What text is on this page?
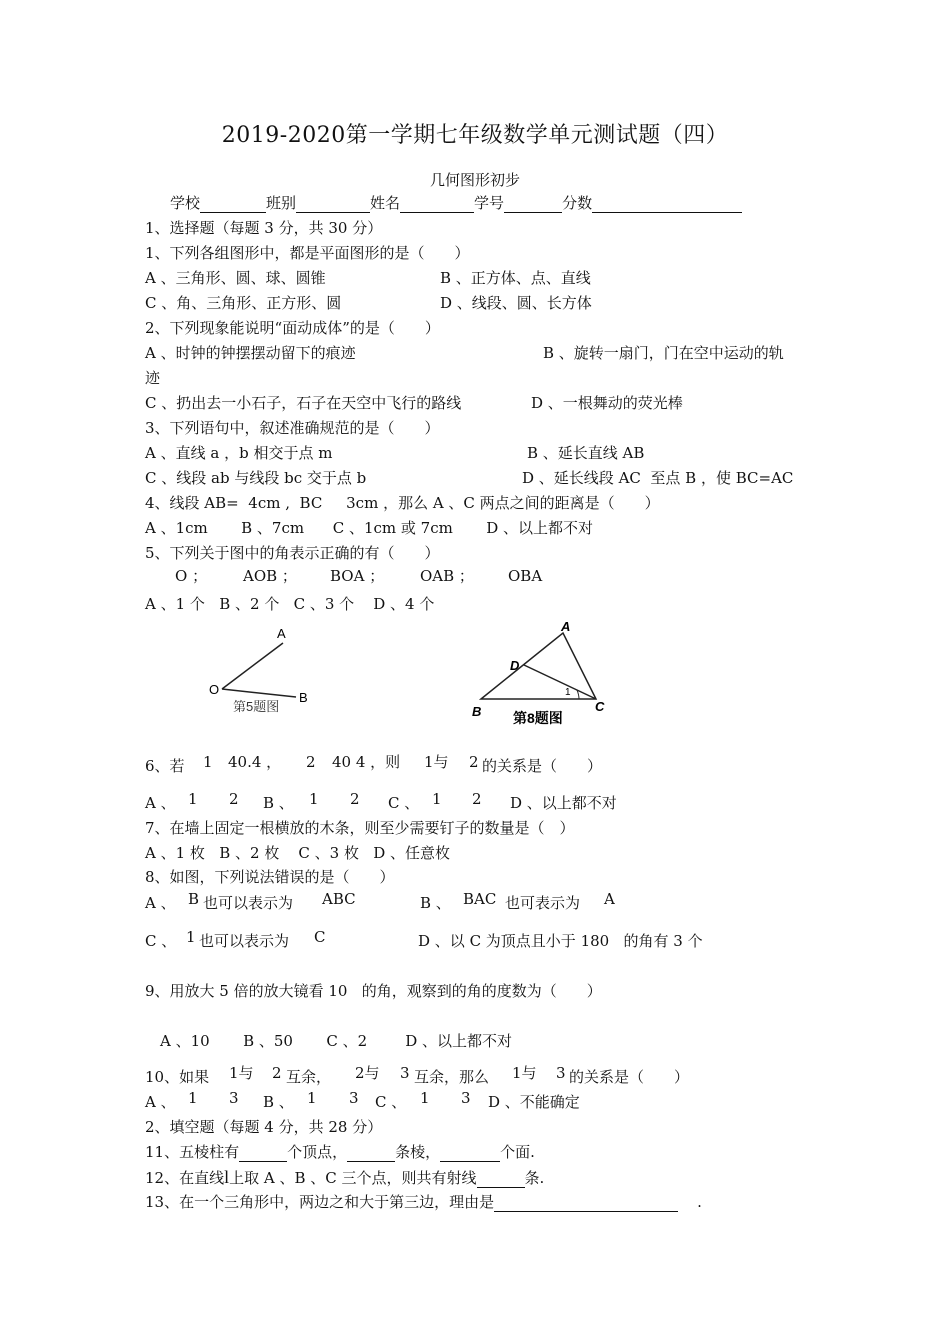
2019-2020第一学期七年级数学单元测试题（四）
几何图形初步
学校	班别	姓名	学号	分数
1、选择题（每题 3 分，共 30 分）
1、下列各组图形中，都是平面图形的是（　　）
A 、三角形、圆、球、圆锥	B 、正方体、点、直线
C 、角、三角形、正方形、圆	D 、线段、圆、长方体
2、下列现象能说明“面动成体”的是（　　）
A 、时钟的钟摆摆动留下的痕迹	B 、旋转一扇门，门在空中运动的轨
迹
C 、扔出去一小石子，石子在天空中飞行的路线	D 、一根舞动的荧光棒
3、下列语句中，叙述准确规范的是（　　）
A 、直线 a ，b 相交于点 m	B 、延长直线 AB
C 、线段 ab 与线段 bc 交于点 b	D 、延长线段 AC  至点 B ，使 BC=AC
4、线段 AB=  4cm ,  BC     3cm ，那么 A 、C 两点之间的距离是（　　）
A 、1cm       B 、7cm      C 、1cm 或 7cm       D 、以上都不对
5、下列关于图中的角表示正确的有（　　）
O ； AOB ； BOA ； OAB ； OBA
A 、1 个   B 、2 个   C 、3 个    D 、4 个
A
O
B
第5题图
A
D
B	C
1
第8题图
6、若 1 40.4 ， 2 40 4 ，则 1与 2 的关系是（　　）
A 、 1 2 B 、 1 2 C 、 1 2 D 、以上都不对
7、在墙上固定一根横放的木条，则至少需要钉子的数量是（　）
A 、1 枚   B 、2 枚    C 、3 枚   D 、任意枚
8、如图，下列说法错误的是（　　）
A 、 B 也可以表示为 ABC	B 、 BAC 也可表示为 A
C 、 1 也可以表示为 C	D 、以 C 为顶点且小于 180   的角有 3 个
9、用放大 5 倍的放大镜看 10   的角，观察到的角的度数为（　　）
A 、10       B 、50       C 、2        D 、以上都不对
10、如果 1与 2 互余， 2与 3 互余，那么 1与 3 的关系是（　　）
A 、 1 3 B 、 1 3 C 、 1 3 D 、不能确定
2、填空题（每题 4 分，共 28 分）
11、五棱柱有	个顶点，	条棱，	个面.
12、在直线l上取 A 、B 、C 三个点，则共有射线	条.
13、在一个三角形中，两边之和大于第三边，理由是	.
